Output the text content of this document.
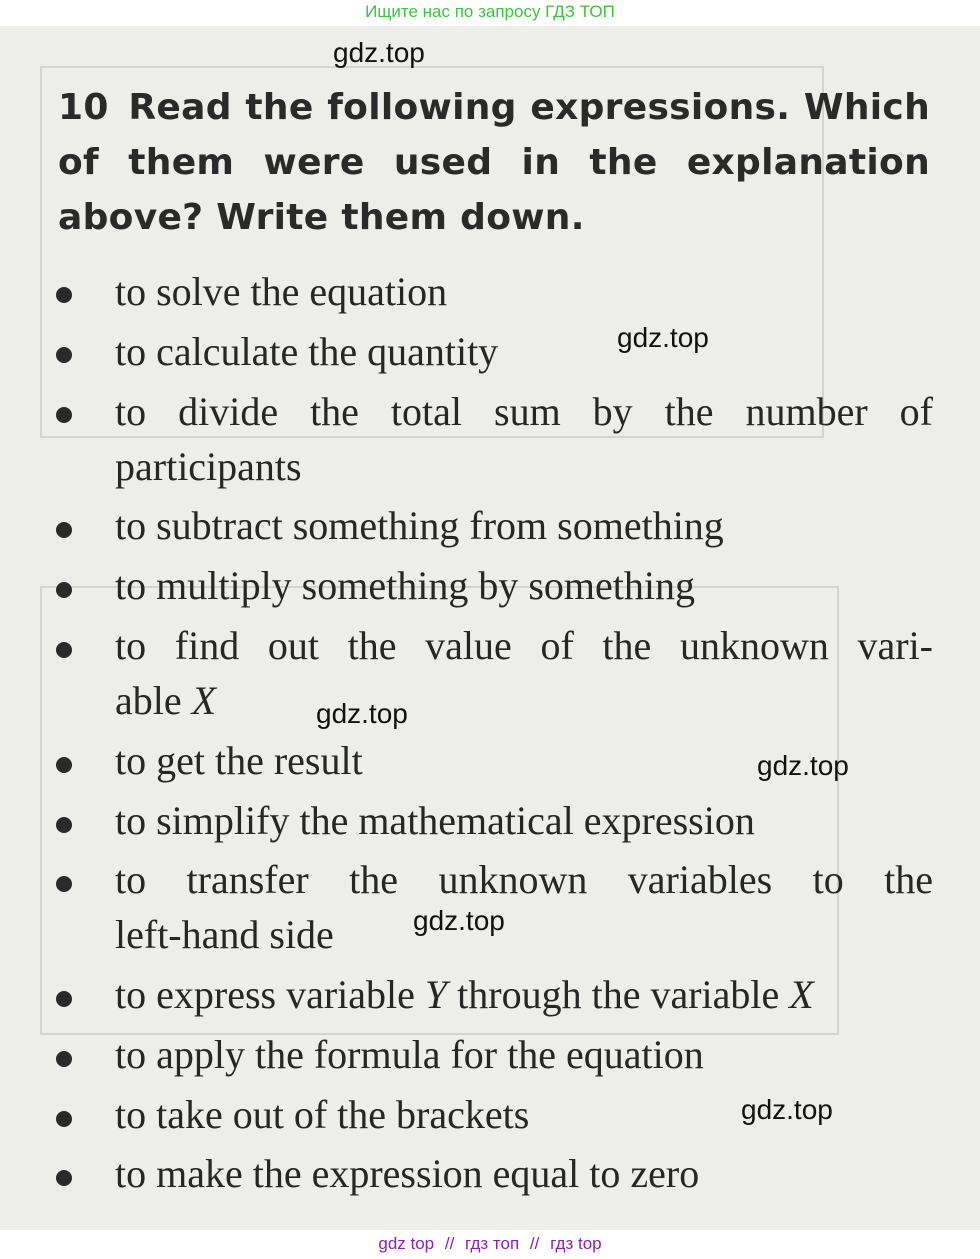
Ищите нас по запросу ГДЗ ТОП
10 Read the following expressions. Which of them were used in the explanation above? Write them down.
to solve the equation
to calculate the quantity
to divide the total sum by the number of
participants
to subtract something from something
to multiply something by something
to find out the value of the unknown vari-
able X
to get the result
to simplify the mathematical expression
to transfer the unknown variables to the
left-hand side
to express variable Y through the variable X
to apply the formula for the equation
to take out of the brackets
to make the expression equal to zero
gdz.top
gdz.top
gdz.top
gdz.top
gdz.top
gdz.top
gdz top // гдз топ // гдз top
